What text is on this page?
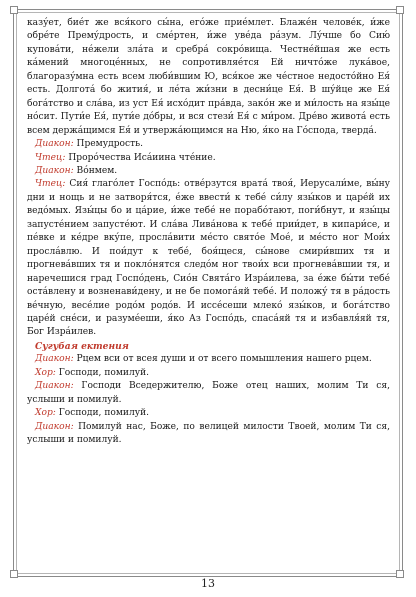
казу́ет, бие́т же вся́кого сы́на, его́же прие́млет. Блаже́н челове́к, и́же обре́те Прему́дрость, и сме́ртен, и́же уве́да ра́зум. Лу́чше бо Сию́ купова́ти, не́жели зла́та и сребра́ сокро́вища. Честне́йшая же есть ка́мений многоце́нных, не сопротивляе́тся Ей ничто́же лука́вое, благоразу́мна есть всем люби́вшим Ю, вся́кое же че́стное недосто́йно Ея́ есть. Долгота́ бо жития́, и ле́та жи́зни в десни́це Ея́. В шу́йце же Ея́ бога́тство и сла́ва, из уст Ея́ исхо́дит пра́вда, зако́н же и ми́лость на язы́це но́сит. Пути́е Ея́, пути́е до́бры, и вся стези́ Ея́ с ми́ром. Дре́во живота́ есть всем держа́щимся Ея́ и утвержа́ющимся на Ню, я́ко на Го́спода, тверда́.

Диакон: Премудрость.

Чтец: Проро́чества Иса́иина чте́ние.

Диакон: Во́нмем.

Чтец: Сия́ глаго́лет Госпо́дь: отве́рзутся врата́ твоя́, Иерусали́ме, вы́ну дни и нощь и не затворя́тся, е́же ввести́ к тебе́ си́лу язы́ков и царе́й их ведо́мых. Язы́цы бо и ца́рие, и́же тебе́ не порабо́тают, поги́бнут, и язы́цы запусте́нием запусте́ют. И сла́ва Лива́нова к тебе́ прии́дет, в кипари́се, и пе́вке и ке́дре вку́пе, просла́вити ме́сто свято́е Мое́, и ме́сто ног Мои́х просла́влю. И пои́дут к тебе́, боя́щеся, сы́нове смири́вших тя и прогнева́вших тя и покло́нятся следо́м ног твои́х вси прогнева́вшии тя, и наречешися град Госпо́день, Сио́н Свята́го Изра́илева, за е́же бы́ти тебе́ оста́влену и возненави́дену, и не бе помога́яй тебе́. И положу́ тя в ра́дость ве́чную, весе́лие родо́м родо́в. И иссе́сеши млеко́ язы́ков, и бога́тство царе́й сне́си, и разуме́еши, я́ко Аз Госпо́дь, спаса́яй тя и избавля́яй тя, Бог Изра́илев.

Сугубая ектения

Диакон: Рцем вси от всея души и от всего помышления нашего рцем.

Хор: Господи, помилуй.

Диакон: Господи Вседержителю, Боже отец наших, молим Ти ся, услыши и помилуй.

Хор: Господи, помилуй.

Диакон: Помилуй нас, Боже, по велицей милости Твоей, молим Ти ся, услыши и помилуй.

13
